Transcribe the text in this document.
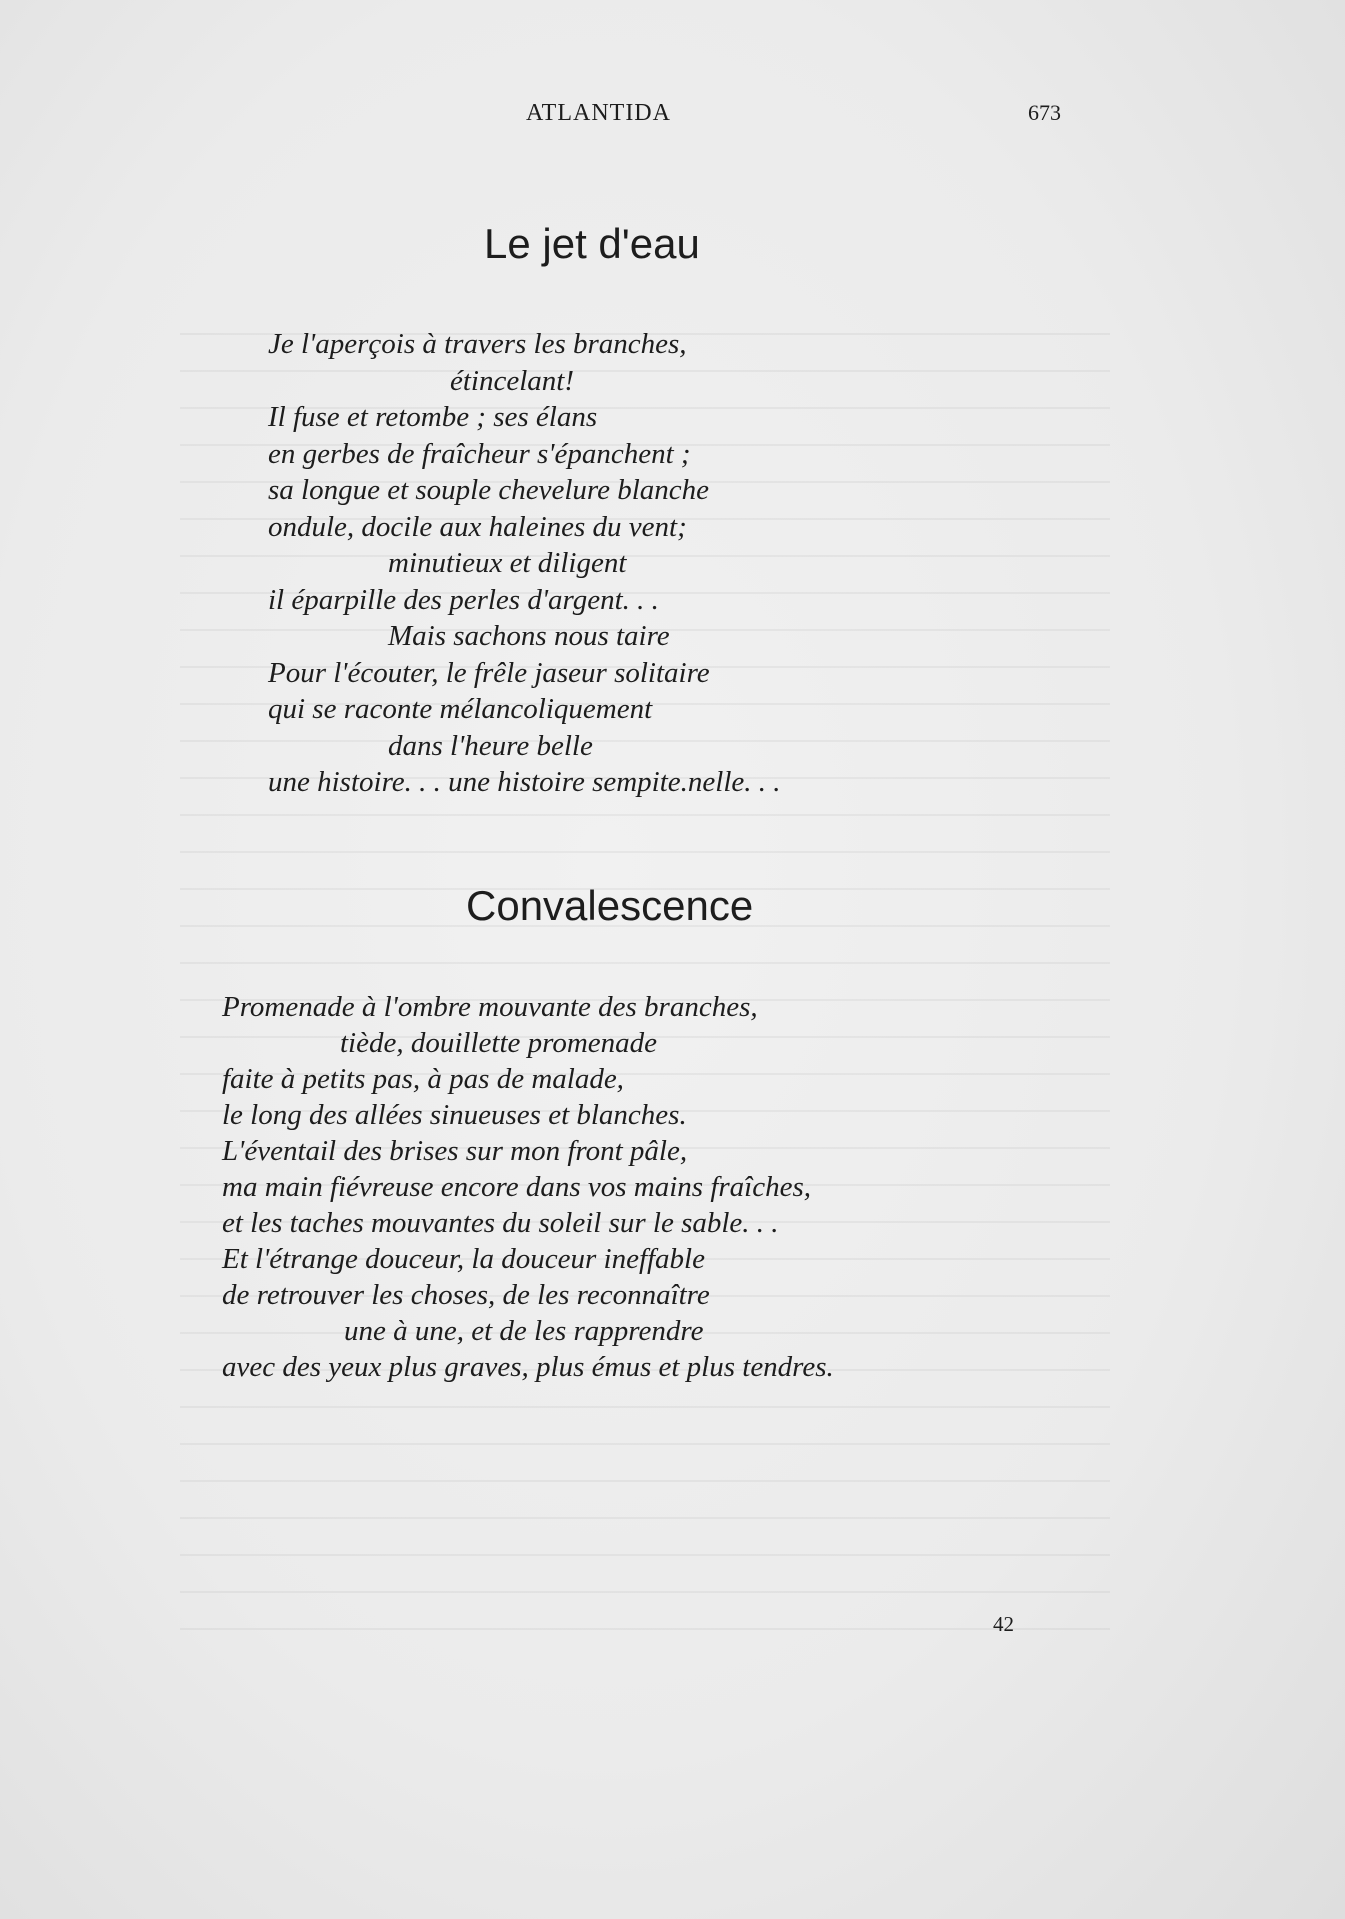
ATLANTIDA	673
Le jet d'eau
Je l'aperçois à travers les branches,
étincelant!
Il fuse et retombe ; ses élans
en gerbes de fraîcheur s'épanchent ;
sa longue et souple chevelure blanche
ondule, docile aux haleines du vent;
minutieux et diligent
il éparpille des perles d'argent. . .
Mais sachons nous taire
Pour l'écouter, le frêle jaseur solitaire
qui se raconte mélancoliquement
dans l'heure belle
une histoire. . . une histoire sempite.nelle. . .
Convalescence
Promenade à l'ombre mouvante des branches,
tiède, douillette promenade
faite à petits pas, à pas de malade,
le long des allées sinueuses et blanches.
L'éventail des brises sur mon front pâle,
ma main fiévreuse encore dans vos mains fraîches,
et les taches mouvantes du soleil sur le sable. . .
Et l'étrange douceur, la douceur ineffable
de retrouver les choses, de les reconnaître
une à une, et de les rapprendre
avec des yeux plus graves, plus émus et plus tendres.
42
